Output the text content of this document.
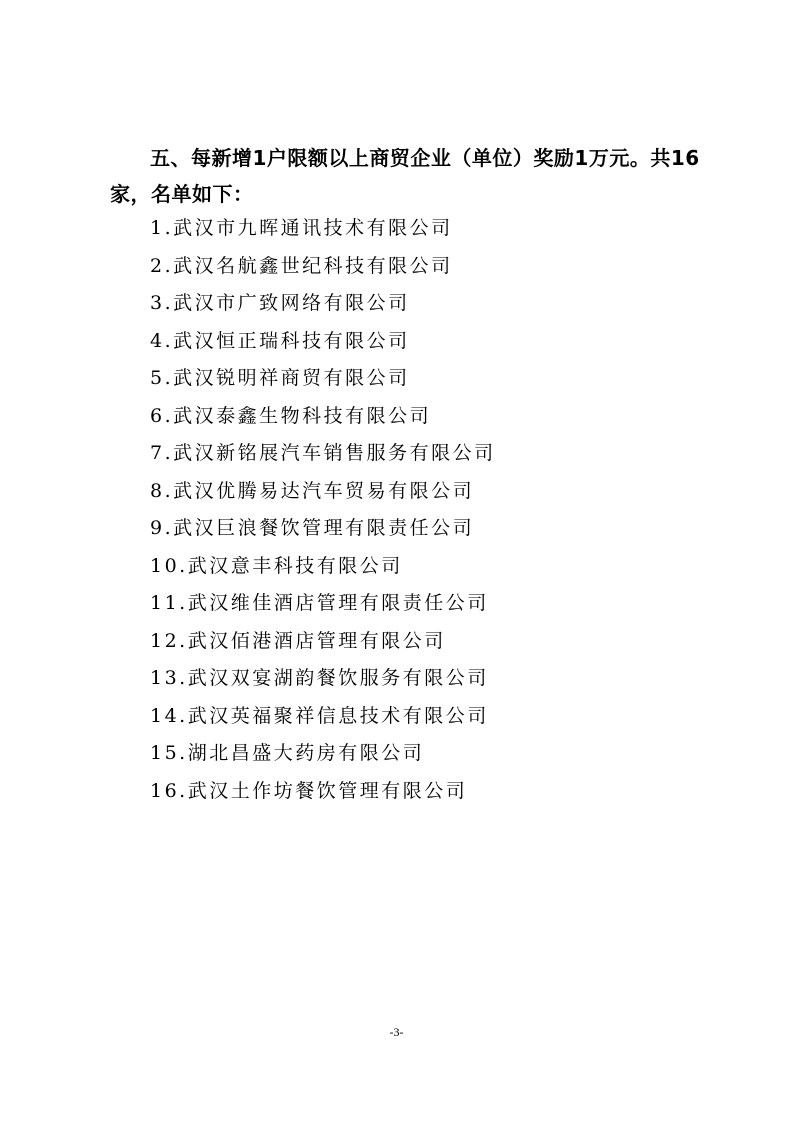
五、每新增1户限额以上商贸企业（单位）奖励1万元。共16家，名单如下：

1.武汉市九晖通讯技术有限公司
2.武汉名航鑫世纪科技有限公司
3.武汉市广致网络有限公司
4.武汉恒正瑞科技有限公司
5.武汉锐明祥商贸有限公司
6.武汉泰鑫生物科技有限公司
7.武汉新铭展汽车销售服务有限公司
8.武汉优腾易达汽车贸易有限公司
9.武汉巨浪餐饮管理有限责任公司
10.武汉意丰科技有限公司
11.武汉维佳酒店管理有限责任公司
12.武汉佰港酒店管理有限公司
13.武汉双宴湖韵餐饮服务有限公司
14.武汉英福聚祥信息技术有限公司
15.湖北昌盛大药房有限公司
16.武汉土作坊餐饮管理有限公司
-3-
